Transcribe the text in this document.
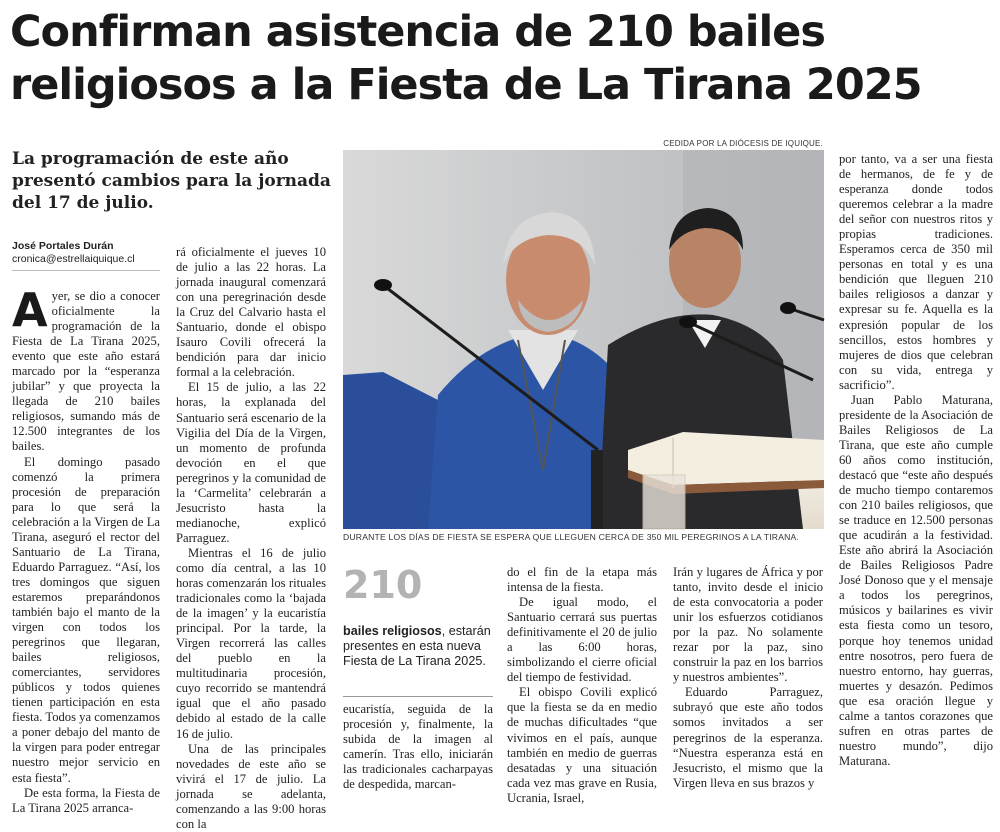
Confirman asistencia de 210 bailes religiosos a la Fiesta de La Tirana 2025
CEDIDA POR LA DIÓCESIS DE IQUIQUE.
La programación de este año presentó cambios para la jornada del 17 de julio.
José Portales Durán
cronica@estrellaiquique.cl

Ayer, se dio a conocer oficialmente la programación de la Fiesta de La Tirana 2025, evento que este año estará marcado por la “esperanza jubilar” y que proyecta la llegada de 210 bailes religiosos, sumando más de 12.500 integrantes de los bailes.

El domingo pasado comenzó la primera procesión de preparación para lo que será la celebración a la Virgen de La Tirana, aseguró el rector del Santuario de La Tirana, Eduardo Parraguez. “Así, los tres domingos que siguen estaremos preparándonos también bajo el manto de la virgen con todos los peregrinos que llegaran, bailes religiosos, comerciantes, servidores públicos y todos quienes tienen participación en esta fiesta. Todos ya comenzamos a poner debajo del manto de la virgen para poder entregar nuestro mejor servicio en esta fiesta”.

De esta forma, la Fiesta de La Tirana 2025 arranca-

rá oficialmente el jueves 10 de julio a las 22 horas. La jornada inaugural comenzará con una peregrinación desde la Cruz del Calvario hasta el Santuario, donde el obispo Isauro Covili ofrecerá la bendición para dar inicio formal a la celebración.

El 15 de julio, a las 22 horas, la explanada del Santuario será escenario de la Vigilia del Día de la Virgen, un momento de profunda devoción en el que peregrinos y la comunidad de la ‘Carmelita’ celebrarán a Jesucristo hasta la medianoche, explicó Parraguez.

Mientras el 16 de julio como día central, a las 10 horas comenzarán los rituales tradicionales como la ‘bajada de la imagen’ y la eucaristía principal. Por la tarde, la Virgen recorrerá las calles del pueblo en la multitudinaria procesión, cuyo recorrido se mantendrá igual que el año pasado debido al estado de la calle 16 de julio.

Una de las principales novedades de este año se vivirá el 17 de julio. La jornada se adelanta, comenzando a las 9:00 horas con la

DURANTE LOS DÍAS DE FIESTA SE ESPERA QUE LLEGUEN CERCA DE 350 MIL PEREGRINOS A LA TIRANA.
210
bailes religiosos, estarán presentes en esta nueva Fiesta de La Tirana 2025.

eucaristía, seguida de la procesión y, finalmente, la subida de la imagen al camerín. Tras ello, iniciarán las tradicionales cacharpayas de despedida, marcan-

do el fin de la etapa más intensa de la fiesta.

De igual modo, el Santuario cerrará sus puertas definitivamente el 20 de julio a las 6:00 horas, simbolizando el cierre oficial del tiempo de festividad.

El obispo Covili explicó que la fiesta se da en medio de muchas dificultades “que vivimos en el país, aunque también en medio de guerras desatadas y una situación cada vez mas grave en Rusia, Ucrania, Israel,

Irán y lugares de África y por tanto, invito desde el inicio de esta convocatoria a poder unir los esfuerzos cotidianos por la paz. No solamente rezar por la paz, sino construir la paz en los barrios y nuestros ambientes”.

Eduardo Parraguez, subrayó que este año todos somos invitados a ser peregrinos de la esperanza. “Nuestra esperanza está en Jesucristo, el mismo que la Virgen lleva en sus brazos y

por tanto, va a ser una fiesta de hermanos, de fe y de esperanza donde todos queremos celebrar a la madre del señor con nuestros ritos y propias tradiciones. Esperamos cerca de 350 mil personas en total y es una bendición que lleguen 210 bailes religiosos a danzar y expresar su fe. Aquella es la expresión popular de los sencillos, estos hombres y mujeres de dios que celebran con su vida, entrega y sacrificio”.

Juan Pablo Maturana, presidente de la Asociación de Bailes Religiosos de La Tirana, que este año cumple 60 años como institución, destacó que “este año después de mucho tiempo contaremos con 210 bailes religiosos, que se traduce en 12.500 personas que acudirán a la festividad. Este año abrirá la Asociación de Bailes Religiosos Padre José Donoso que y el mensaje a todos los peregrinos, músicos y bailarines es vivir esta fiesta como un tesoro, porque hoy tenemos unidad entre nosotros, pero fuera de nuestro entorno, hay guerras, muertes y desazón. Pedimos que esa oración llegue y calme a tantos corazones que sufren en otras partes de nuestro mundo”, dijo Maturana.
